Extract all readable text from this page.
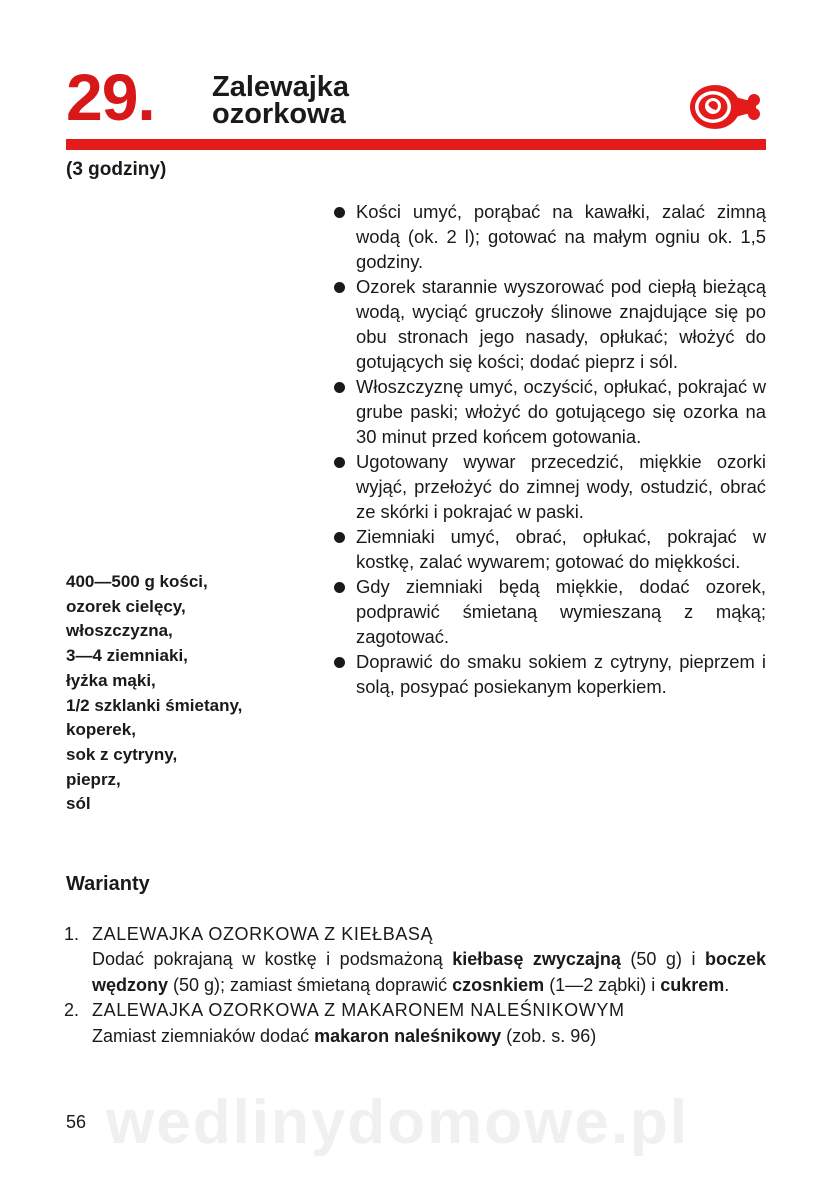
29. Zalewajka
ozorkowa
(3 godziny)
400—500 g kości,
ozorek cielęcy,
włoszczyzna,
3—4 ziemniaki,
łyżka mąki,
1/2 szklanki śmietany,
koperek,
sok z cytryny,
pieprz,
sól
Kości umyć, porąbać na kawałki, zalać zimną wodą (ok. 2 l); gotować na małym ogniu ok. 1,5 godziny.
Ozorek starannie wyszorować pod ciepłą bieżącą wodą, wyciąć gruczoły ślinowe znajdujące się po obu stronach jego nasady, opłukać; włożyć do gotujących się kości; dodać pieprz i sól.
Włoszczyznę umyć, oczyścić, opłukać, pokrajać w grube paski; włożyć do gotującego się ozorka na 30 minut przed końcem gotowania.
Ugotowany wywar przecedzić, miękkie ozorki wyjąć, przełożyć do zimnej wody, ostudzić, obrać ze skórki i pokrajać w paski.
Ziemniaki umyć, obrać, opłukać, pokrajać w kostkę, zalać wywarem; gotować do miękkości.
Gdy ziemniaki będą miękkie, dodać ozorek, podprawić śmietaną wymieszaną z mąką; zagotować.
Doprawić do smaku sokiem z cytryny, pieprzem i solą, posypać posiekanym koperkiem.
Warianty
1. ZALEWAJKA OZORKOWA Z KIEŁBASĄ
Dodać pokrajaną w kostkę i podsmażoną kiełbasę zwyczajną (50 g) i boczek wędzony (50 g); zamiast śmietaną doprawić czosnkiem (1—2 ząbki) i cukrem.
2. ZALEWAJKA OZORKOWA Z MAKARONEM NALEŚNIKOWYM
Zamiast ziemniaków dodać makaron naleśnikowy (zob. s. 96)
56 wedlinydomowe.pl
